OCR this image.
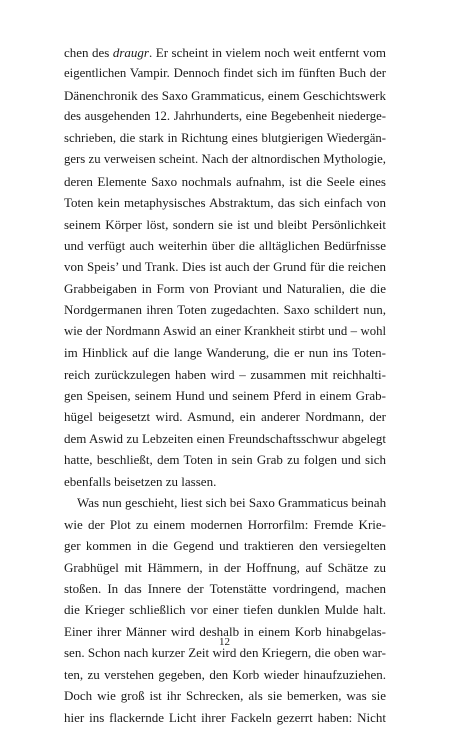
chen des draugr. Er scheint in vielem noch weit entfernt vom
eigentlichen Vampir. Dennoch findet sich im fünften Buch der
Dänenchronik des Saxo Grammaticus, einem Geschichtswerk
des ausgehenden 12. Jahrhunderts, eine Begebenheit niederge-
schrieben, die stark in Richtung eines blutgierigen Wiedergän-
gers zu verweisen scheint. Nach der altnordischen Mythologie,
deren Elemente Saxo nochmals aufnahm, ist die Seele eines
Toten kein metaphysisches Abstraktum, das sich einfach von
seinem Körper löst, sondern sie ist und bleibt Persönlichkeit
und verfügt auch weiterhin über die alltäglichen Bedürfnisse
von Speis’ und Trank. Dies ist auch der Grund für die reichen
Grabbeigaben in Form von Proviant und Naturalien, die die
Nordgermanen ihren Toten zugedachten. Saxo schildert nun,
wie der Nordmann Aswid an einer Krankheit stirbt und – wohl
im Hinblick auf die lange Wanderung, die er nun ins Toten-
reich zurückzulegen haben wird – zusammen mit reichhalti-
gen Speisen, seinem Hund und seinem Pferd in einem Grab-
hügel beigesetzt wird. Asmund, ein anderer Nordmann, der
dem Aswid zu Lebzeiten einen Freundschaftsschwur abgelegt
hatte, beschließt, dem Toten in sein Grab zu folgen und sich
ebenfalls beisetzen zu lassen.
Was nun geschieht, liest sich bei Saxo Grammaticus beinah
wie der Plot zu einem modernen Horrorfilm: Fremde Krie-
ger kommen in die Gegend und traktieren den versiegelten
Grabhügel mit Hämmern, in der Hoffnung, auf Schätze zu
stoßen. In das Innere der Totenstätte vordringend, machen
die Krieger schließlich vor einer tiefen dunklen Mulde halt.
Einer ihrer Männer wird deshalb in einem Korb hinabgelas-
sen. Schon nach kurzer Zeit wird den Kriegern, die oben war-
ten, zu verstehen gegeben, den Korb wieder hinaufzuziehen.
Doch wie groß ist ihr Schrecken, als sie bemerken, was sie
hier ins flackernde Licht ihrer Fackeln gezerrt haben: Nicht
12
